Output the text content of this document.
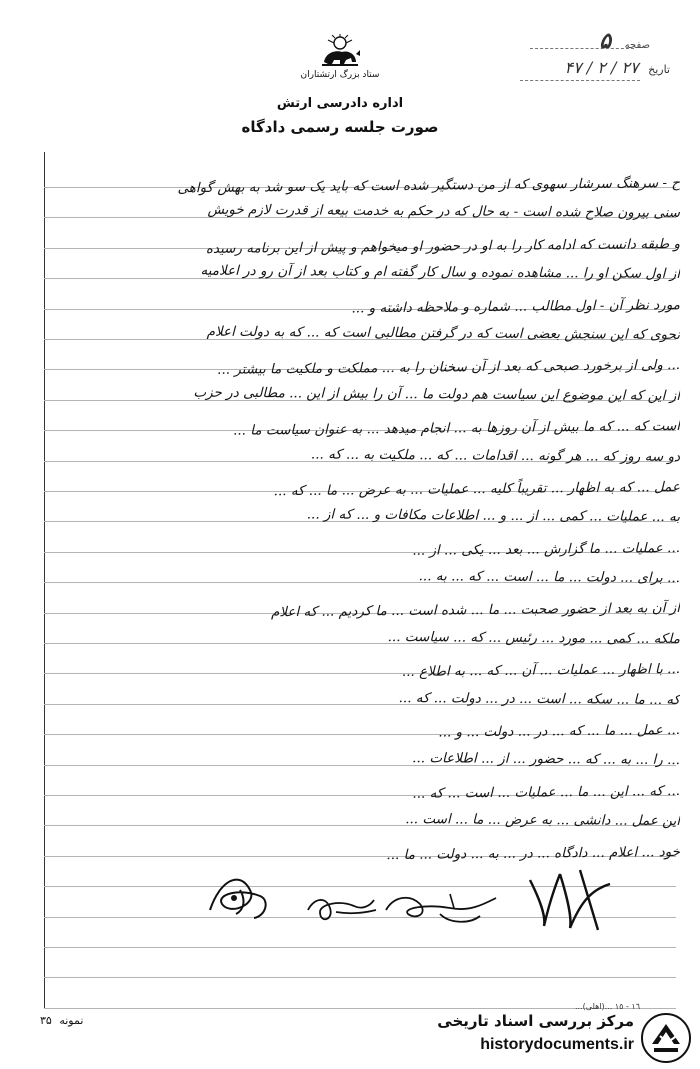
ستاد بزرگ ارتشتاران
اداره دادرسی ارتش
صورت جلسه رسمی دادگاه
صفحه ۵
تاریخ ۲۷ / ۲ / ۴۷
ح - سرهنگ سرشار سهوی که از من دستگیر شده است که باید یک سو شد به بهش گواهی
سنی بیرون صلاح شده است - به حال که در حکم به خدمت بیعه از قدرت لازم خویش
و طبقه دانست که ادامه کار را به او در حضور او میخواهم و پیش از این برنامه رسیده
از اول سکن او را ... مشاهده نموده و سال کار گفته ام و کتاب بعد از آن رو در اعلامیه
مورد نظر آن - اول مطالب ... شماره و ملاحظه داشته و ...
نحوی که این سنجش بعضی است که در گرفتن مطالبی است که ... که به دولت اعلام
... ولی از برخورد صبحی که بعد از آن سخنان را به ... مملکت و ملکیت ما بیشتر ...
از این که این موضوع این سیاست هم دولت ما ... آن را بیش از این ... مطالبی در حزب
است که ... که ما بیش از آن روزها به ... انجام میدهد ... به عنوان سیاست ما ...
دو سه روز که ... هر گونه ... اقدامات ... که ... ملکیت به ... که ...
عمل ... که به اظهار ... تقریباً کلیه ... عملیات ... به عرض ... ما ... که ...
به ... عملیات ... کمی ... از ... و ... اطلاعات مکافات و ... که از ...
... عملیات ... ما گزارش ... بعد ... یکی ... از ...
... برای ... دولت ... ما ... است ... که ... به ...
از آن به بعد از حضور صحبت ... ما ... شده است ... ما کردیم ... که اعلام
ملکه ... کمی ... مورد ... رئیس ... که ... سیاست ...
... با اظهار ... عملیات ... آن ... که ... به اطلاع ...
که ... ما ... سکه ... است ... در ... دولت ... که ...
... عمل ... ما ... که ... در ... دولت ... و ...
... را ... به ... که ... حضور ... از ... اطلاعات ...
... که ... این ... ما ... عملیات ... است ... که ...
این عمل ... دانشی ... به عرض ... ما ... است ...
خود ... اعلام ... دادگاه ... در ... به ... دولت ... ما ...
نمونه ۳۵
...١٦ - ١٥ ...(اهلی)
مرکز بررسی اسناد تاریخی
historydocuments.ir
